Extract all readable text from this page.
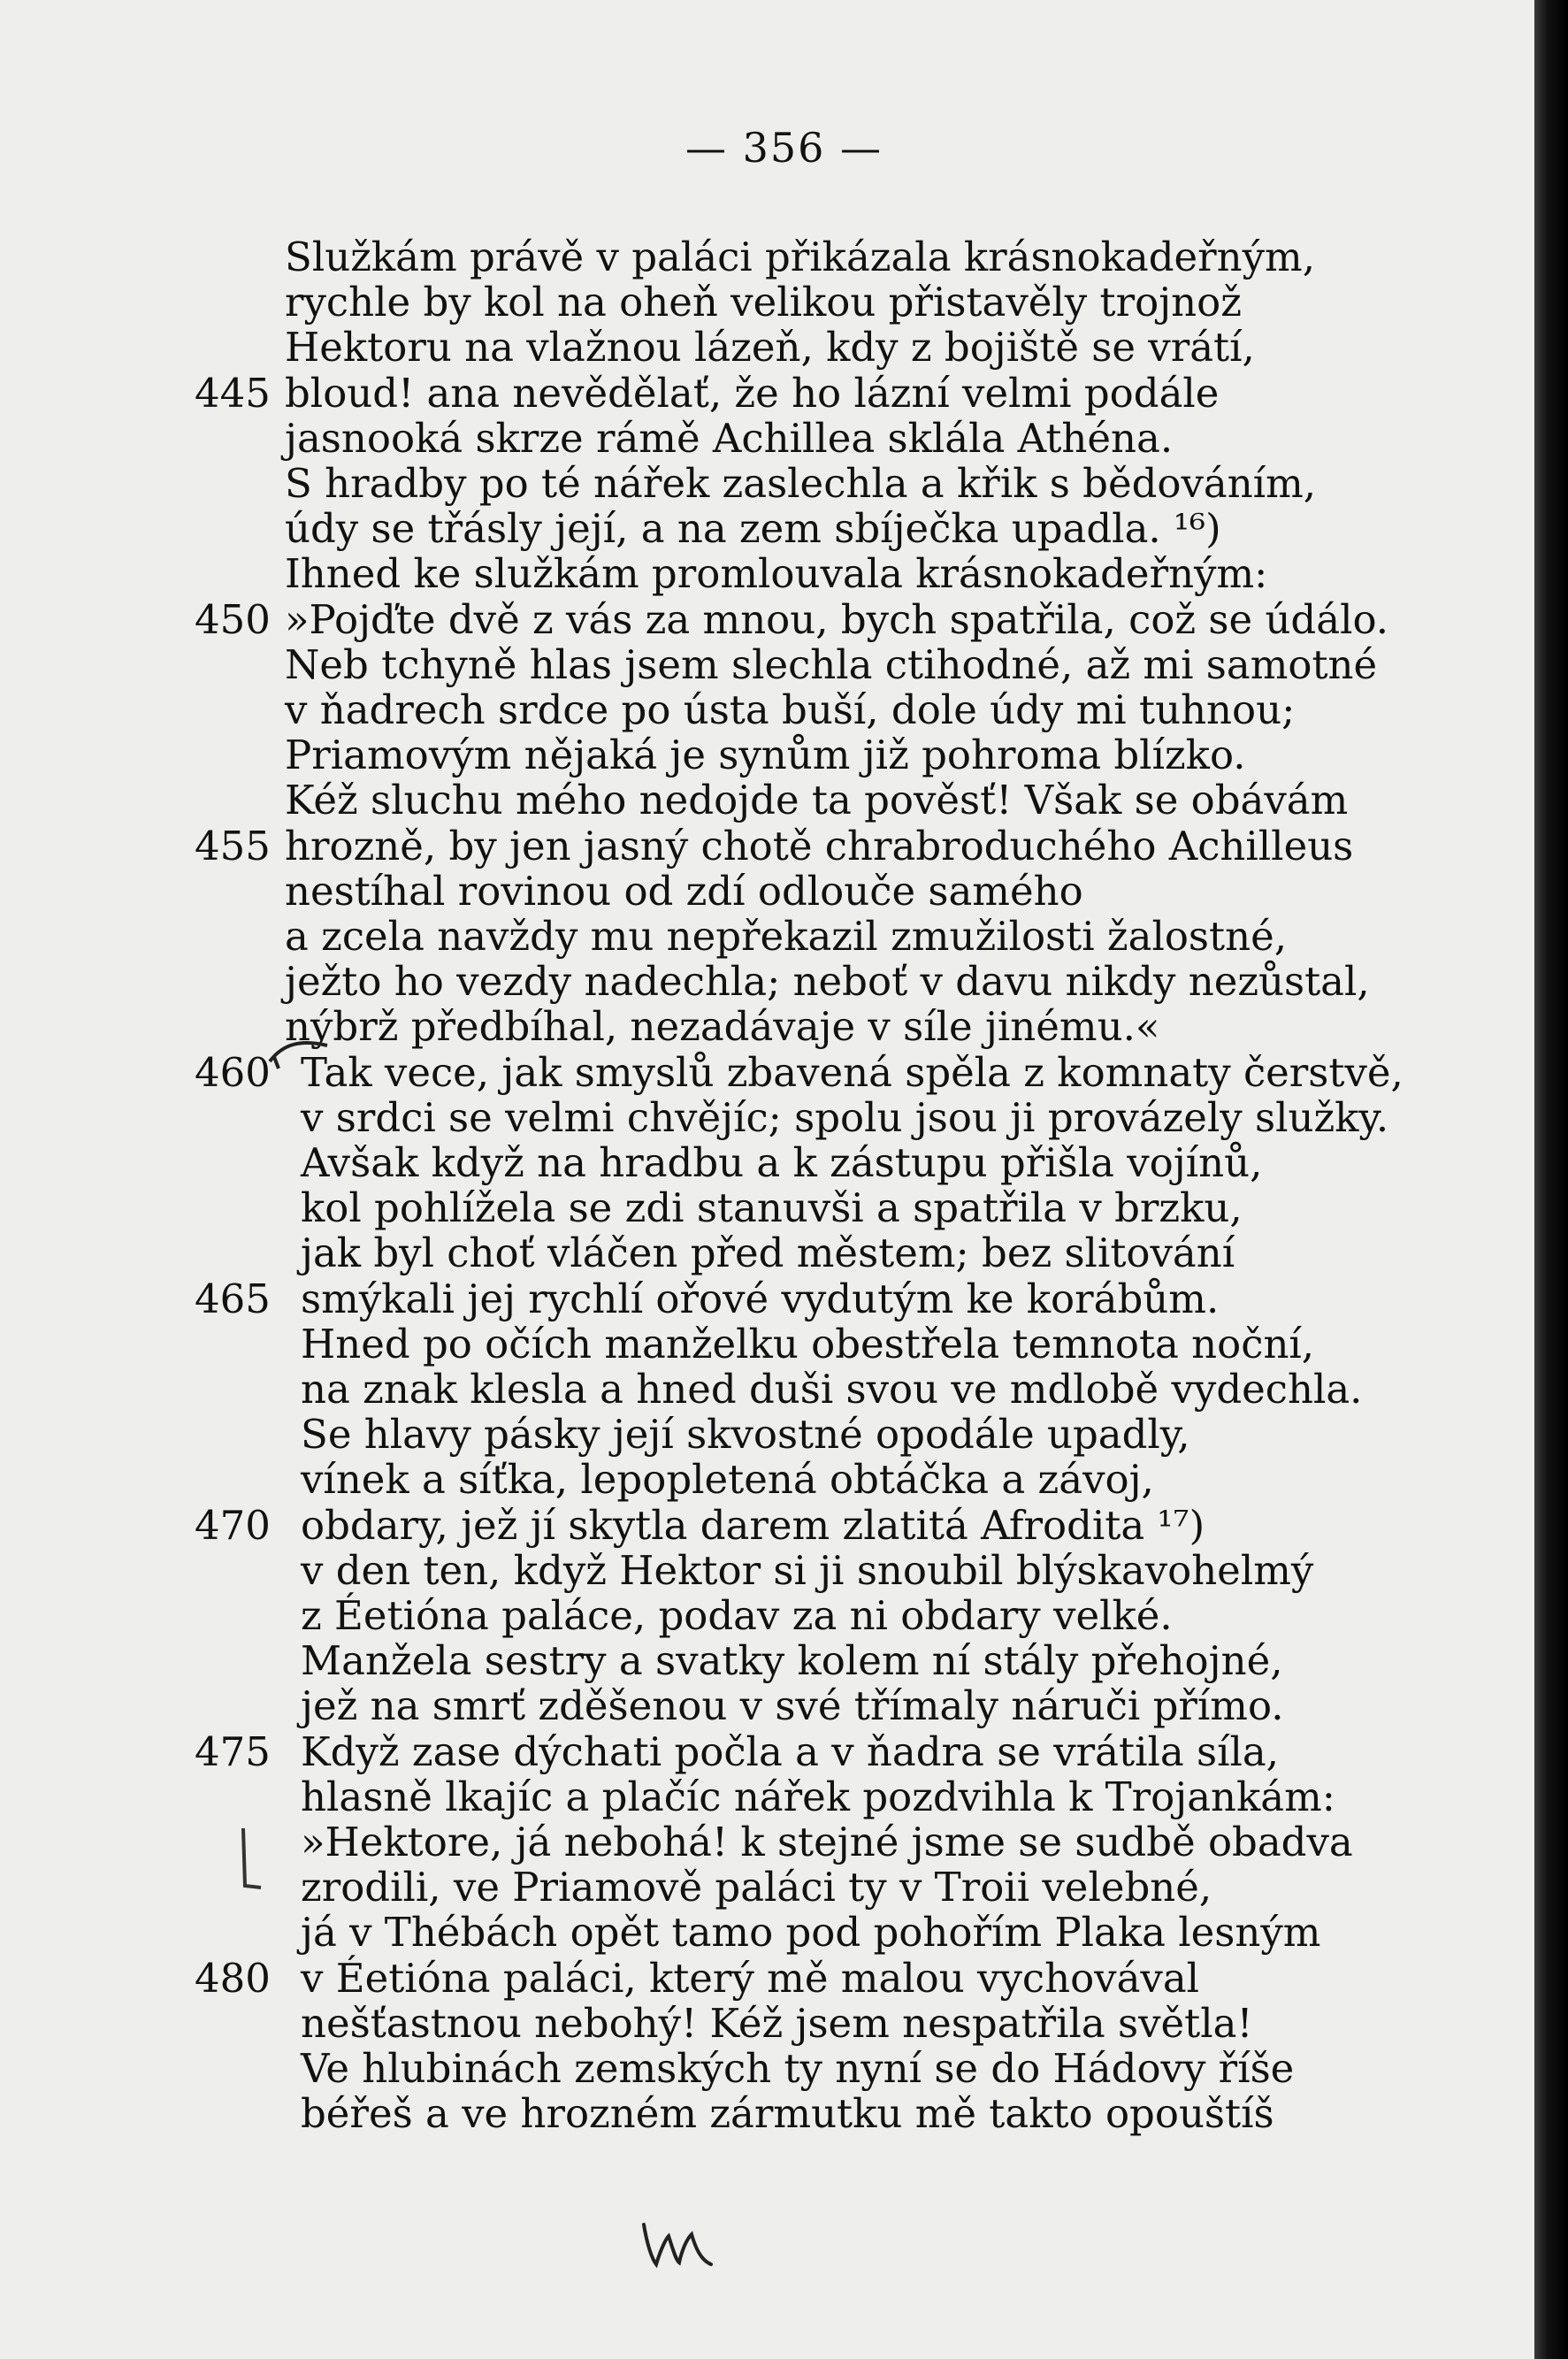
— 356 —
Služkám právě v paláci přikázala krásnokadeřným,
rychle by kol na oheň velikou přistavěly trojnož
Hektoru na vlažnou lázeň, kdy z bojiště se vrátí,
445 bloud! ana nevědělať, že ho lázní velmi podále
jasnooká skrze rámě Achillea sklála Athéna.
S hradby po té nářek zaslechla a křik s bědováním,
údy se třásly její, a na zem sbíječka upadla. ¹⁶)
Ihned ke služkám promlouvala krásnokadeřným:
450 »Pojďte dvě z vás za mnou, bych spatřila, což se údálo.
Neb tchyně hlas jsem slechla ctihodné, až mi samotné
v ňadrech srdce po ústa buší, dole údy mi tuhnou;
Priamovým nějaká je synům již pohroma blízko.
Kéž sluchu mého nedojde ta pověsť! Však se obávám
455 hrozně, by jen jasný chotě chrabroduchého Achilleus
nestíhal rovinou od zdí odlouče samého
a zcela navždy mu nepřekazil zmužilosti žalostné,
ježto ho vezdy nadechla; neboť v davu nikdy nezůstal,
nýbrž předbíhal, nezadávaje v síle jinému.«
460 Tak vece, jak smyslů zbavená spěla z komnaty čerstvě,
v srdci se velmi chvějíc; spolu jsou ji provázely služky.
Avšak když na hradbu a k zástupu přišla vojínů,
kol pohlížela se zdi stanuvši a spatřila v brzku,
jak byl choť vláčen před městem; bez slitování
465 smýkali jej rychlí ořové vydutým ke korábům.
Hned po očích manželku obestřela temnota noční,
na znak klesla a hned duši svou ve mdlobě vydechla.
Se hlavy pásky její skvostné opodále upadly,
vínek a síťka, lepopletená obtáčka a závoj,
470 obdary, jež jí skytla darem zlatitá Afrodita ¹⁷)
v den ten, když Hektor si ji snoubil blýskavohelmý
z Éetióna paláce, podav za ni obdary velké.
Manžela sestry a svatky kolem ní stály přehojné,
jež na smrť zděšenou v své třímaly náruči přímo.
475 Když zase dýchati počla a v ňadra se vrátila síla,
hlasně lkajíc a plačíc nářek pozdvihla k Trojankám:
»Hektore, já nebohá! k stejné jsme se sudbě obadva
zrodili, ve Priamově paláci ty v Troii velebné,
já v Thébách opět tamo pod pohořím Plaka lesným
480 v Éetióna paláci, který mě malou vychovával
nešťastnou nebohý! Kéž jsem nespatřila světla!
Ve hlubinách zemských ty nyní se do Hádovy říše
béřeš a ve hrozném zármutku mě takto opouštíš
